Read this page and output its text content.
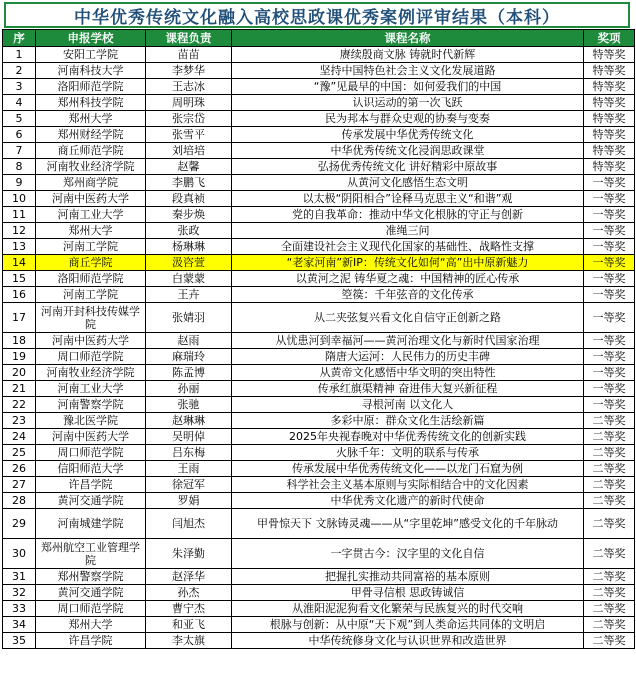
中华优秀传统文化融入高校思政课优秀案例评审结果（本科）
序	申报学校	课程负责	课程名称	奖项
1	安阳工学院	苗苗	赓续殷商文脉 铸就时代新辉	特等奖
2	河南科技大学	李梦华	坚持中国特色社会主义文化发展道路	特等奖
3	洛阳师范学院	王志冰	“豫”见最早的中国：如何爱我们的中国	特等奖
4	郑州科技学院	周明珠	认识运动的第一次飞跃	特等奖
5	郑州大学	张宗岱	民为邦本与群众史观的协奏与变奏	特等奖
6	郑州财经学院	张雪平	传承发展中华优秀传统文化	特等奖
7	商丘师范学院	刘培培	中华优秀传统文化浸润思政课堂	特等奖
8	河南牧业经济学院	赵馨	弘扬优秀传统文化 讲好精彩中原故事	特等奖
9	郑州商学院	李鹏飞	从黄河文化感悟生态文明	一等奖
10	河南中医药大学	段真祯	以太极“阴阳相合”诠释马克思主义“和谐”观	一等奖
11	河南工业大学	秦步焕	党的自我革命：推动中华文化根脉的守正与创新	一等奖
12	郑州大学	张政	准绳三问	一等奖
13	河南工学院	杨琳琳	全面建设社会主义现代化国家的基础性、战略性支撑	一等奖
14	商丘学院	汲咨萱	“老家河南”新IP：传统文化如何“高”出中原新魅力	一等奖
15	洛阳师范学院	白蒙蒙	以黄河之泥 铸华夏之魂：中国精神的匠心传承	一等奖
16	河南工学院	王卉	箜篌：千年弦音的文化传承	一等奖
17	河南开封科技传媒学院	张婧羽	从二夹弦复兴看文化自信守正创新之路	一等奖
18	河南中医药大学	赵雨	从忧患河到幸福河——黄河治理文化与新时代国家治理	一等奖
19	周口师范学院	麻瑞玲	隋唐大运河：人民伟力的历史丰碑	一等奖
20	河南牧业经济学院	陈孟博	从黄帝文化感悟中华文明的突出特性	一等奖
21	河南工业大学	孙丽	传承红旗渠精神 奋进伟大复兴新征程	一等奖
22	河南警察学院	张驰	寻根河南 以文化人	一等奖
23	豫北医学院	赵琳琳	多彩中原：群众文化生活绘新篇	二等奖
24	河南中医药大学	吴明倬	2025年央视春晚对中华优秀传统文化的创新实践	二等奖
25	周口师范学院	吕东梅	火脉千年：文明的联系与传承	二等奖
26	信阳师范大学	王雨	传承发展中华优秀传统文化——以龙门石窟为例	二等奖
27	许昌学院	徐冠军	科学社会主义基本原则与实际相结合中的文化因素	二等奖
28	黄河交通学院	罗娟	中华优秀文化遗产的新时代使命	二等奖
29	河南城建学院	闫旭杰	甲骨惊天下 文脉铸灵魂——从“字里乾坤”感受文化的千年脉动	二等奖
30	郑州航空工业管理学院	朱泽勤	一字贯古今：汉字里的文化自信	二等奖
31	郑州警察学院	赵泽华	把握扎实推动共同富裕的基本原则	二等奖
32	黄河交通学院	孙杰	甲骨寻信根 思政铸诚信	二等奖
33	周口师范学院	曹宁杰	从淮阳泥泥狗看文化繁荣与民族复兴的时代交响	二等奖
34	郑州大学	和亚飞	根脉与创新：从中原“天下观”到人类命运共同体的文明启	二等奖
35	许昌学院	李太旗	中华传统修身文化与认识世界和改造世界	二等奖
